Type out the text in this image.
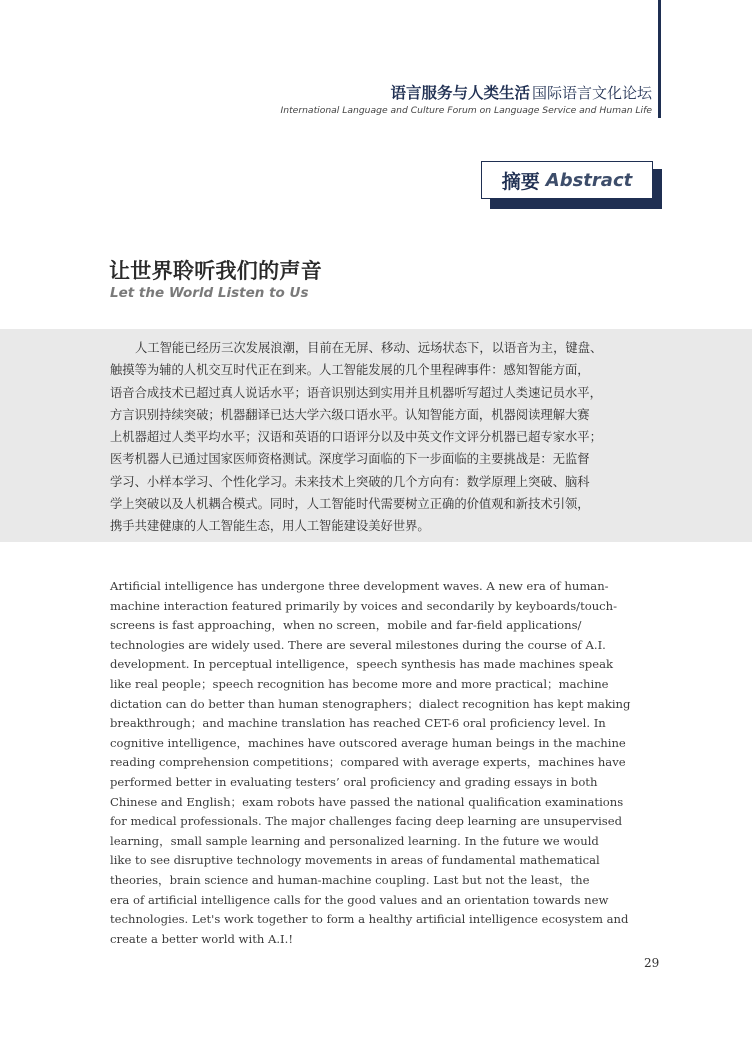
语言服务与人类生活 国际语言文化论坛
International Language and Culture Forum on Language Service and Human Life
摘要 Abstract
让世界聆听我们的声音
Let the World Listen to Us
人工智能已经历三次发展浪潮，目前在无屏、移动、远场状态下，以语音为主，键盘、
触摸等为辅的人机交互时代正在到来。人工智能发展的几个里程碑事件：感知智能方面，
语音合成技术已超过真人说话水平；语音识别达到实用并且机器听写超过人类速记员水平，
方言识别持续突破；机器翻译已达大学六级口语水平。认知智能方面，机器阅读理解大赛
上机器超过人类平均水平；汉语和英语的口语评分以及中英文作文评分机器已超专家水平；
医考机器人已通过国家医师资格测试。深度学习面临的下一步面临的主要挑战是：无监督
学习、小样本学习、个性化学习。未来技术上突破的几个方向有：数学原理上突破、脑科
学上突破以及人机耦合模式。同时，人工智能时代需要树立正确的价值观和新技术引领，
携手共建健康的人工智能生态，用人工智能建设美好世界。
Artificial intelligence has undergone three development waves. A new era of human-
machine interaction featured primarily by voices and secondarily by keyboards/touch-
screens is fast approaching，when no screen，mobile and far-field applications/
technologies are widely used. There are several milestones during the course of A.I.
development. In perceptual intelligence，speech synthesis has made machines speak
like real people；speech recognition has become more and more practical；machine
dictation can do better than human stenographers；dialect recognition has kept making
breakthrough；and machine translation has reached CET-6 oral proficiency level. In
cognitive intelligence，machines have outscored average human beings in the machine
reading comprehension competitions；compared with average experts，machines have
performed better in evaluating testers’ oral proficiency and grading essays in both
Chinese and English；exam robots have passed the national qualification examinations
for medical professionals. The major challenges facing deep learning are unsupervised
learning，small sample learning and personalized learning. In the future we would
like to see disruptive technology movements in areas of fundamental mathematical
theories，brain science and human-machine coupling. Last but not the least，the
era of artificial intelligence calls for the good values and an orientation towards new
technologies. Let's work together to form a healthy artificial intelligence ecosystem and
create a better world with A.I.!
29
